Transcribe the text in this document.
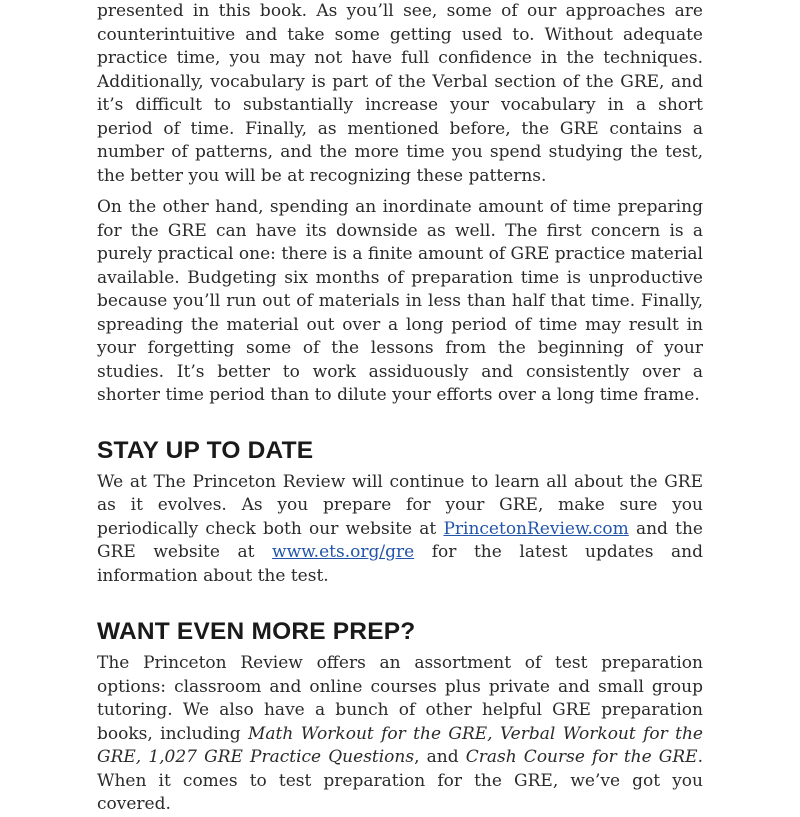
presented in this book. As you’ll see, some of our approaches are counterintuitive and take some getting used to. Without adequate practice time, you may not have full confidence in the techniques. Additionally, vocabulary is part of the Verbal section of the GRE, and it’s difficult to substantially increase your vocabulary in a short period of time. Finally, as mentioned before, the GRE contains a number of patterns, and the more time you spend studying the test, the better you will be at recognizing these patterns.

On the other hand, spending an inordinate amount of time preparing for the GRE can have its downside as well. The first concern is a purely practical one: there is a finite amount of GRE practice material available. Budgeting six months of preparation time is unproductive because you’ll run out of materials in less than half that time. Finally, spreading the material out over a long period of time may result in your forgetting some of the lessons from the beginning of your studies. It’s better to work assiduously and consistently over a shorter time period than to dilute your efforts over a long time frame.

STAY UP TO DATE

We at The Princeton Review will continue to learn all about the GRE as it evolves. As you prepare for your GRE, make sure you periodically check both our website at PrincetonReview.com and the GRE website at www.ets.org/gre for the latest updates and information about the test.

WANT EVEN MORE PREP?

The Princeton Review offers an assortment of test preparation options: classroom and online courses plus private and small group tutoring. We also have a bunch of other helpful GRE preparation books, including Math Workout for the GRE, Verbal Workout for the GRE, 1,027 GRE Practice Questions, and Crash Course for the GRE. When it comes to test preparation for the GRE, we’ve got you covered.
